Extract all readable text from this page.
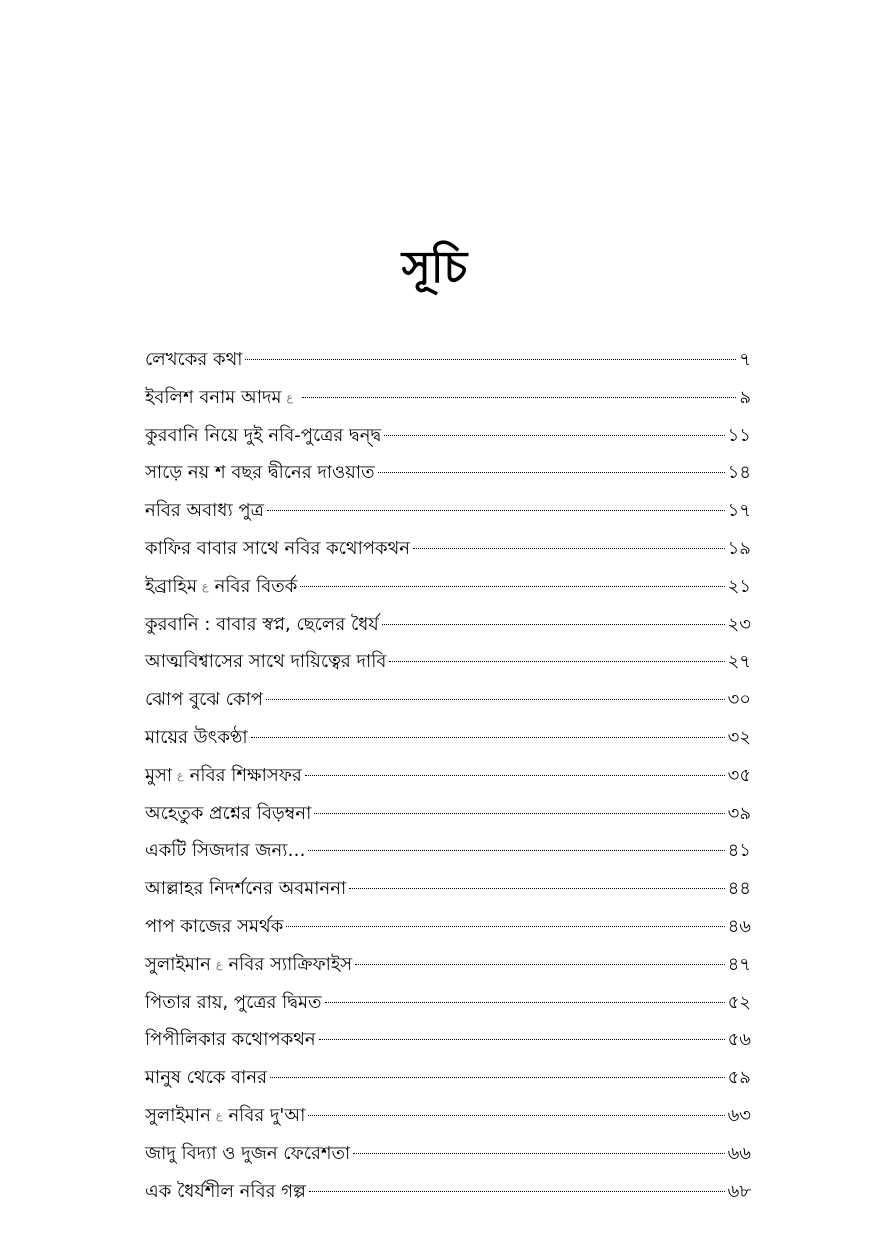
সূচি
লেখকের কথা	৭
ইবলিশ বনাম আদম ع	৯
কুরবানি নিয়ে দুই নবি-পুত্রের দ্বন্দ্ব	১১
সাড়ে নয় শ বছর দ্বীনের দাওয়াত	১৪
নবির অবাধ্য পুত্র	১৭
কাফির বাবার সাথে নবির কথোপকথন	১৯
ইব্রাহিম ع নবির বিতর্ক	২১
কুরবানি : বাবার স্বপ্ন, ছেলের ধৈর্য	২৩
আত্মবিশ্বাসের সাথে দায়িত্বের দাবি	২৭
ঝোপ বুঝে কোপ	৩০
মায়ের উৎকণ্ঠা	৩২
মুসা ع নবির শিক্ষাসফর	৩৫
অহেতুক প্রশ্নের বিড়ম্বনা	৩৯
একটি সিজদার জন্য…	৪১
আল্লাহর নিদর্শনের অবমাননা	৪৪
পাপ কাজের সমর্থক	৪৬
সুলাইমান ع নবির স্যাক্রিফাইস	৪৭
পিতার রায়, পুত্রের দ্বিমত	৫২
পিপীলিকার কথোপকথন	৫৬
মানুষ থেকে বানর	৫৯
সুলাইমান ع নবির দু'আ	৬৩
জাদু বিদ্যা ও দুজন ফেরেশতা	৬৬
এক ধৈর্যশীল নবির গল্প	৬৮
